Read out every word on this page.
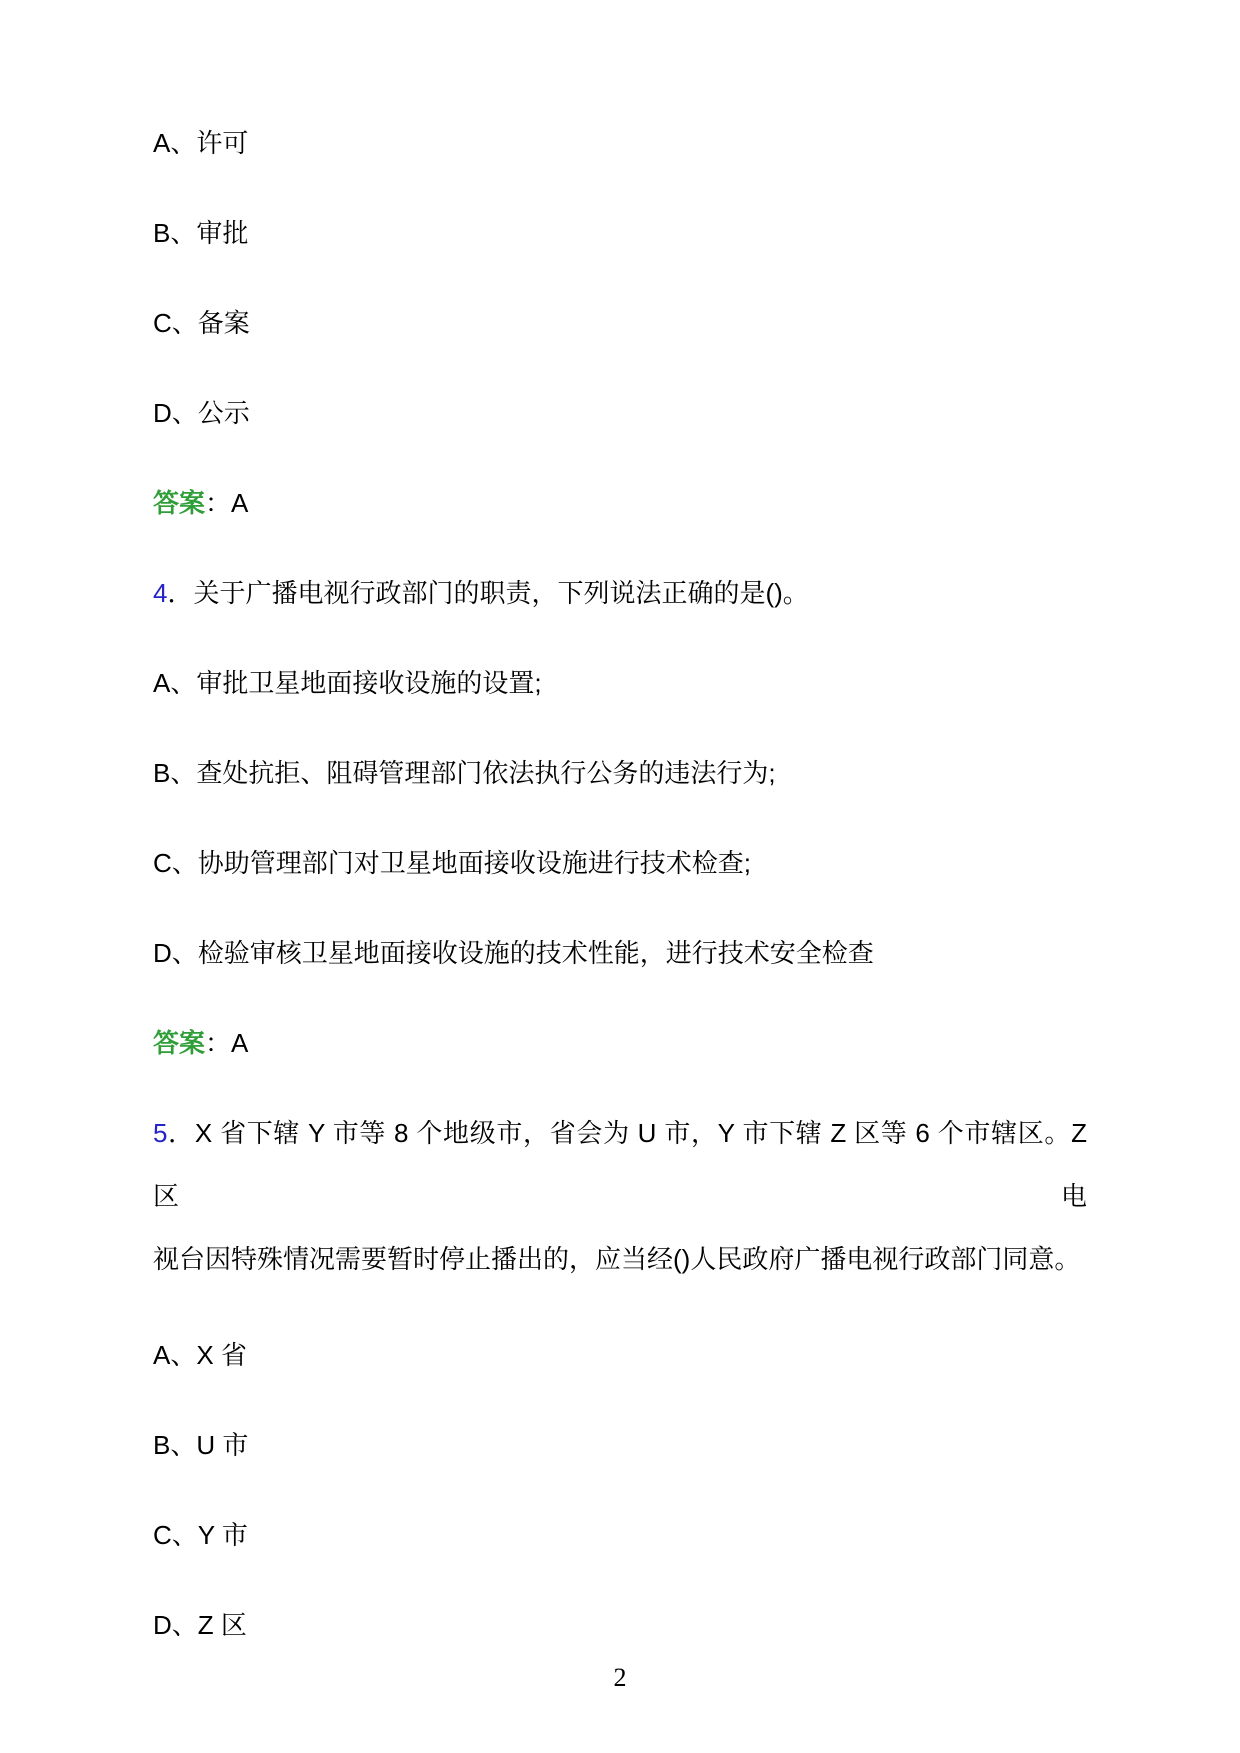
A、许可
B、审批
C、备案
D、公示
答案：A
4．关于广播电视行政部门的职责，下列说法正确的是()。
A、审批卫星地面接收设施的设置;
B、查处抗拒、阻碍管理部门依法执行公务的违法行为;
C、协助管理部门对卫星地面接收设施进行技术检查;
D、检验审核卫星地面接收设施的技术性能，进行技术安全检查
答案：A
5．X 省下辖 Y 市等 8 个地级市，省会为 U 市，Y 市下辖 Z 区等 6 个市辖区。Z 区电
视台因特殊情况需要暂时停止播出的，应当经()人民政府广播电视行政部门同意。
A、X 省
B、U 市
C、Y 市
D、Z 区
2
